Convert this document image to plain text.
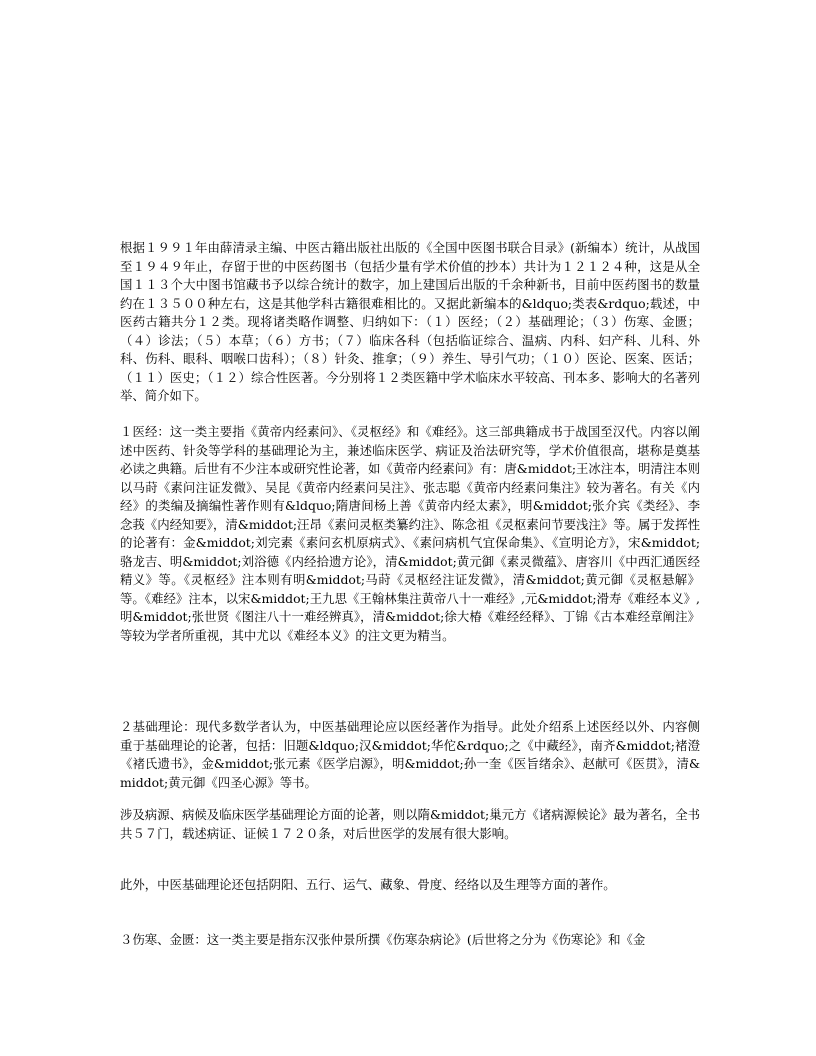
根据１９９１年由薛清录主编、中医古籍出版社出版的《全国中医图书联合目录》(新编本）统计，从战国至１９４９年止，存留于世的中医药图书（包括少量有学术价值的抄本）共计为１２１２４种，这是从全国１１３个大中图书馆藏书予以综合统计的数字，加上建国后出版的千余种新书，目前中医药图书的数量约在１３５００种左右，这是其他学科古籍很难相比的。又据此新编本的&ldquo;类表&rdquo;载述，中医药古籍共分１２类。现将诸类略作调整、归纳如下：（１）医经；（２）基础理论；（３）伤寒、金匮；（４）诊法；（５）本草；（６）方书；（７）临床各科（包括临证综合、温病、内科、妇产科、儿科、外科、伤科、眼科、咽喉口齿科）；（８）针灸、推拿；（９）养生、导引气功；（１０）医论、医案、医话；（１１）医史；（１２）综合性医著。今分别将１２类医籍中学术临床水平较高、刊本多、影响大的名著列举、简介如下。

１医经：这一类主要指《黄帝内经素问》、《灵枢经》和《难经》。这三部典籍成书于战国至汉代。内容以阐述中医药、针灸等学科的基础理论为主，兼述临床医学、病证及治法研究等，学术价值很高，堪称是奠基必读之典籍。后世有不少注本或研究性论著，如《黄帝内经素问》有：唐&middot;王冰注本，明清注本则以马莳《素问注证发微》、吴昆《黄帝内经素问吴注》、张志聪《黄帝内经素问集注》较为著名。有关《内经》的类编及摘编性著作则有&ldquo;隋唐间杨上善《黄帝内经太素》，明&middot;张介宾《类经》、李念莪《内经知要》，清&middot;汪昂《素问灵枢类纂约注》、陈念祖《灵枢素问节要浅注》等。属于发挥性的论著有：金&middot;刘完素《素问玄机原病式》、《素问病机气宜保命集》、《宣明论方》，宋&middot;骆龙吉、明&middot;刘浴德《内经拾遗方论》，清&middot;黄元御《素灵微蕴》、唐容川《中西汇通医经精义》等。《灵枢经》注本则有明&middot;马莳《灵枢经注证发微》，清&middot;黄元御《灵枢悬解》等。《难经》注本，以宋&middot;王九思《王翰林集注黄帝八十一难经》,元&middot;滑寿《难经本义》,明&middot;张世贤《图注八十一难经辨真》，清&middot;徐大椿《难经经释》、丁锦《古本难经章阐注》等较为学者所重视，其中尤以《难经本义》的注文更为精当。

２基础理论：现代多数学者认为，中医基础理论应以医经著作为指导。此处介绍系上述医经以外、内容侧重于基础理论的论著，包括：旧题&ldquo;汉&middot;华佗&rdquo;之《中藏经》，南齐&middot;褚澄《褚氏遗书》，金&middot;张元素《医学启源》，明&middot;孙一奎《医旨绪余》、赵献可《医贯》，清&middot;黄元御《四圣心源》等书。

涉及病源、病候及临床医学基础理论方面的论著，则以隋&middot;巢元方《诸病源候论》最为著名，全书共５７门，载述病证、证候１７２０条，对后世医学的发展有很大影响。

此外，中医基础理论还包括阴阳、五行、运气、藏象、骨度、经络以及生理等方面的著作。

３伤寒、金匮：这一类主要是指东汉张仲景所撰《伤寒杂病论》(后世将之分为《伤寒论》和《金
